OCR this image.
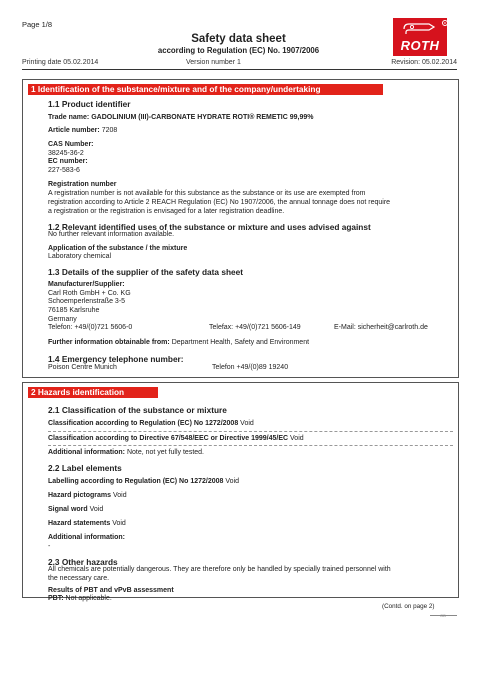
Page 1/8
Safety data sheet
according to Regulation (EC) No. 1907/2006	ROTH
R
Printing date 05.02.2014	Version number 1	Revision: 05.02.2014
1 Identification of the substance/mixture and of the company/undertaking
1.1 Product identifier
Trade name: GADOLINIUM (III)-CARBONATE HYDRATE ROTI® REMETIC 99,99%
Article number: 7208
CAS Number:
38245-36-2
EC number:
227-583-6
Registration number
A registration number is not available for this substance as the substance or its use are exempted from
registration according to Article 2 REACH Regulation (EC) No 1907/2006, the annual tonnage does not require
a registration or the registration is envisaged for a later registration deadline.
1.2 Relevant identified uses of the substance or mixture and uses advised against
No further relevant information available.
Application of the substance / the mixture
Laboratory chemical
1.3 Details of the supplier of the safety data sheet
Manufacturer/Supplier:
Carl Roth GmbH + Co. KG
Schoemperlenstraße 3-5
76185 Karlsruhe
Germany
Telefon: +49/(0)721 5606-0	Telefax: +49/(0)721 5606-149	E-Mail: sicherheit@carlroth.de
Further information obtainable from: Department Health, Safety and Environment
1.4 Emergency telephone number:
Poison Centre Munich	Telefon +49/(0)89 19240
2 Hazards identification
2.1 Classification of the substance or mixture
Classification according to Regulation (EC) No 1272/2008 Void
Classification according to Directive 67/548/EEC or Directive 1999/45/EC Void
Additional information: Note, not yet fully tested.
2.2 Label elements
Labelling according to Regulation (EC) No 1272/2008 Void
Hazard pictograms Void
Signal word Void
Hazard statements Void
Additional information:
-
2.3 Other hazards
All chemicals are potentially dangerous. They are therefore only be handled by specially trained personnel with
the necessary care.
Results of PBT and vPvB assessment
PBT: Not applicable.
(Contd. on page 2)
GB
